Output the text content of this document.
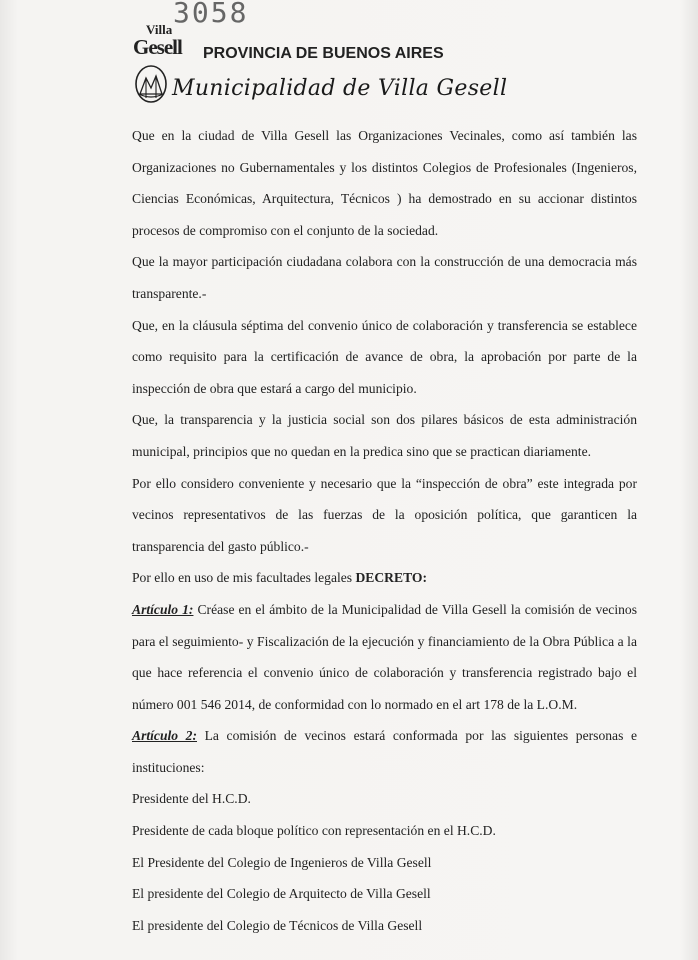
3058
Villa
Gesell PROVINCIA DE BUENOS AIRES
Municipalidad de Villa Gesell

Que en la ciudad de Villa Gesell las Organizaciones Vecinales, como así también las Organizaciones no Gubernamentales y los distintos Colegios de Profesionales (Ingenieros, Ciencias Económicas, Arquitectura, Técnicos ) ha demostrado en su accionar distintos procesos de compromiso con el conjunto de la sociedad.

Que la mayor participación ciudadana colabora con la construcción de una democracia más transparente.-

Que, en la cláusula séptima del convenio único de colaboración y transferencia se establece como requisito para la certificación de avance de obra, la aprobación por parte de la inspección de obra que estará a cargo del municipio.

Que, la transparencia y la justicia social son dos pilares básicos de esta administración municipal, principios que no quedan en la predica sino que se practican diariamente.

Por ello considero conveniente y necesario que la “inspección de obra” este integrada por vecinos representativos de las fuerzas de la oposición política, que garanticen la transparencia del gasto público.-

Por ello en uso de mis facultades legales DECRETO:

Artículo 1: Créase en el ámbito de la Municipalidad de Villa Gesell la comisión de vecinos para el seguimiento- y Fiscalización de la ejecución y financiamiento de la Obra Pública a la que hace referencia el convenio único de colaboración y transferencia registrado bajo el número 001 546 2014, de conformidad con lo normado en el art 178 de la L.O.M.

Artículo 2: La comisión de vecinos estará conformada por las siguientes personas e instituciones:

Presidente del H.C.D.

Presidente de cada bloque político con representación en el H.C.D.

El Presidente del Colegio de Ingenieros de Villa Gesell

El presidente del Colegio de Arquitecto de Villa Gesell

El presidente del Colegio de Técnicos de Villa Gesell
